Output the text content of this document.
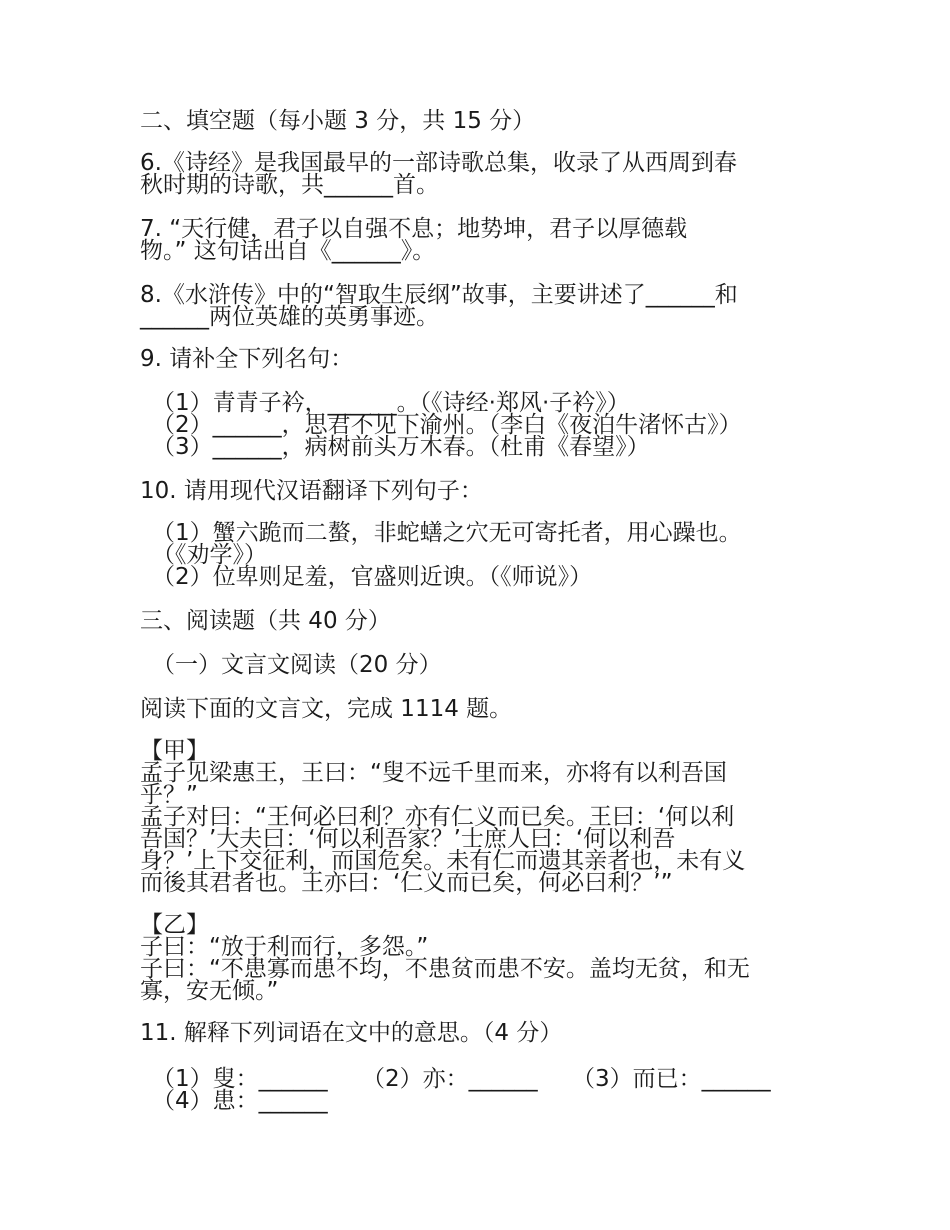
二、填空题（每小题 3 分，共 15 分）

6.《诗经》是我国最早的一部诗歌总集，收录了从西周到春

秋时期的诗歌，共______首。

7. “天行健，君子以自强不息；地势坤，君子以厚德载

物。” 这句话出自《______》。

8.《水浒传》中的“智取生辰纲”故事，主要讲述了______和

______两位英雄的英勇事迹。

9. 请补全下列名句：

（1）青青子衿，______。（《诗经·郑风·子衿》）

（2）______，思君不见下渝州。（李白《夜泊牛渚怀古》）

（3）______，病树前头万木春。（杜甫《春望》）

10. 请用现代汉语翻译下列句子：

（1）蟹六跪而二螯，非蛇蟮之穴无可寄托者，用心躁也。

（《劝学》）

（2）位卑则足羞，官盛则近谀。（《师说》）

三、阅读题（共 40 分）

（一）文言文阅读（20 分）

阅读下面的文言文，完成 1114 题。

【甲】

孟子见梁惠王，王曰：“叟不远千里而来，亦将有以利吾国

乎？”

孟子对曰：“王何必曰利？亦有仁义而已矣。王曰：‘何以利

吾国？’大夫曰：‘何以利吾家？’士庶人曰：‘何以利吾

身？’上下交征利，而国危矣。未有仁而遗其亲者也，未有义

而後其君者也。王亦曰：‘仁义而已矣，何必曰利？’”

【乙】

子曰：“放于利而行，多怨。”

子曰：“不患寡而患不均，不患贫而患不安。盖均无贫，和无

寡，安无倾。”

11. 解释下列词语在文中的意思。（4 分）

（1）叟：______ （2）亦：______ （3）而已：______

（4）患：______
